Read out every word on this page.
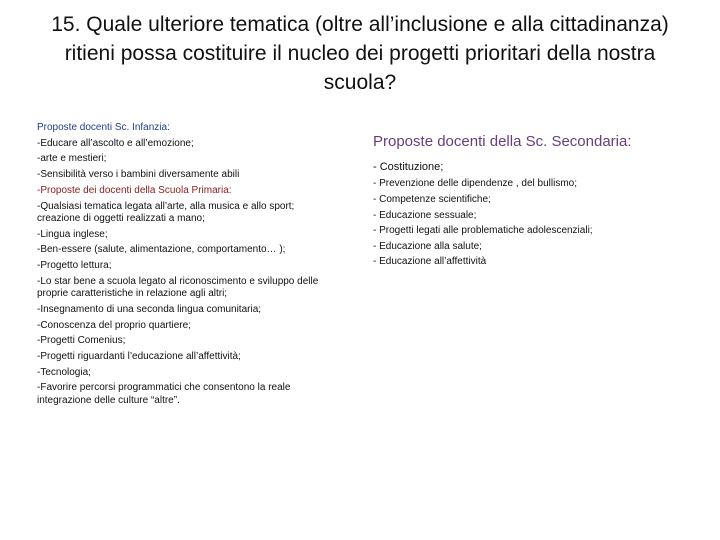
15. Quale ulteriore tematica (oltre all’inclusione e alla cittadinanza) ritieni possa costituire il nucleo dei progetti prioritari della nostra scuola?
Proposte docenti Sc. Infanzia:
-Educare all’ascolto e all’emozione;
-arte e mestieri;
-Sensibilità verso i bambini diversamente abili
-Proposte dei docenti della Scuola Primaria:
-Qualsiasi tematica legata all’arte, alla musica e allo sport; creazione di oggetti realizzati a mano;
-Lingua inglese;
-Ben-essere (salute, alimentazione, comportamento… );
-Progetto lettura;
-Lo star bene a scuola legato al riconoscimento e sviluppo delle proprie caratteristiche in relazione agli altri;
-Insegnamento di una seconda lingua comunitaria;
-Conoscenza del proprio quartiere;
-Progetti Comenius;
-Progetti riguardanti l’educazione all’affettività;
-Tecnologia;
-Favorire percorsi programmatici che consentono la reale integrazione delle culture “altre”.
Proposte docenti della Sc. Secondaria:
- Costituzione;
- Prevenzione delle dipendenze , del bullismo;
- Competenze scientifiche;
- Educazione sessuale;
- Progetti legati alle problematiche adolescenziali;
- Educazione alla salute;
- Educazione all’affettività
